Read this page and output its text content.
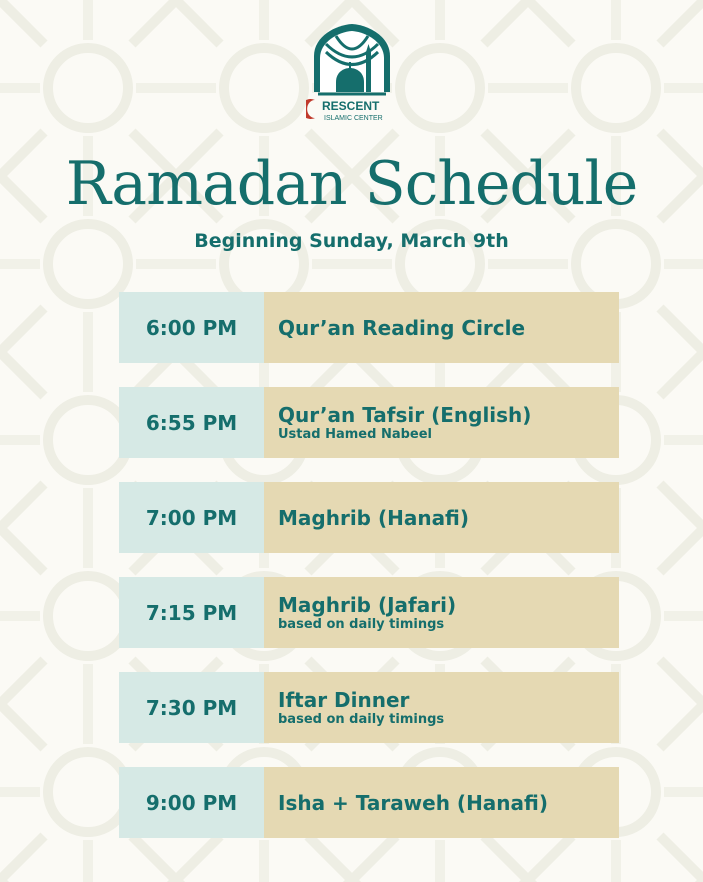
RESCENT
ISLAMIC CENTER
Ramadan Schedule
Beginning Sunday, March 9th
6:00 PM	Qur’an Reading Circle
6:55 PM	Qur’an Tafsir (English)
Ustad Hamed Nabeel
7:00 PM	Maghrib (Hanafi)
7:15 PM	Maghrib (Jafari)
based on daily timings
7:30 PM	Iftar Dinner
based on daily timings
9:00 PM	Isha + Taraweh (Hanafi)
